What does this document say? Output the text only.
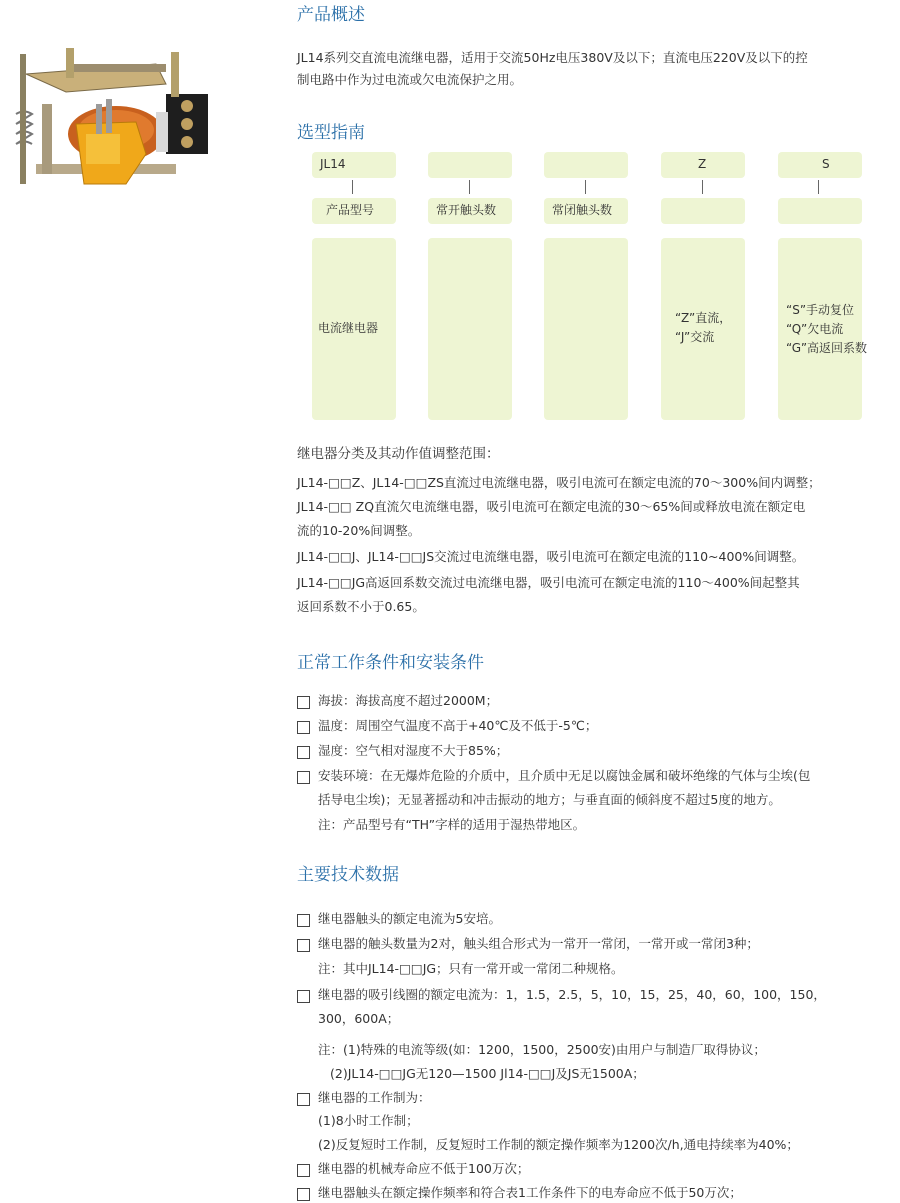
产品概述
JL14系列交直流电流继电器，适用于交流50Hz电压380V及以下；直流电压220V及以下的控
制电路中作为过电流或欠电流保护之用。
选型指南
JL14
产品型号
电流继电器
常开触头数	常闭触头数
Z
“Z”直流，
“J”交流
S
“S”手动复位
“Q”欠电流
“G”高返回系数
继电器分类及其动作值调整范围：
JL14-□□Z、JL14-□□ZS直流过电流继电器，吸引电流可在额定电流的70～300%间内调整；
JL14-□□ ZQ直流欠电流继电器，吸引电流可在额定电流的30～65%间或释放电流在额定电
流的10-20%间调整。
JL14-□□J、JL14-□□JS交流过电流继电器，吸引电流可在额定电流的110~400%间调整。
JL14-□□JG高返回系数交流过电流继电器，吸引电流可在额定电流的110～400%间起整其
返回系数不小于0.65。
正常工作条件和安装条件
海拔：海拔高度不超过2000M；
温度：周围空气温度不高于+40℃及不低于-5℃；
湿度：空气相对湿度不大于85%；
安装环境：在无爆炸危险的介质中，且介质中无足以腐蚀金属和破坏绝缘的气体与尘埃(包
括导电尘埃)；无显著摇动和冲击振动的地方；与垂直面的倾斜度不超过5度的地方。
注：产品型号有“TH”字样的适用于湿热带地区。
主要技术数据
继电器触头的额定电流为5安培。
继电器的触头数量为2对，触头组合形式为一常开一常闭，一常开或一常闭3种；
注：其中JL14-□□JG；只有一常开或一常闭二种规格。
继电器的吸引线圈的额定电流为：1，1.5，2.5，5，10，15，25，40，60，100，150，
300，600A；
注：(1)特殊的电流等级(如：1200，1500，2500安)由用户与制造厂取得协议；
(2)JL14-□□JG无120—1500 Jl14-□□J及JS无1500A；
继电器的工作制为：
(1)8小时工作制；
(2)反复短时工作制，反复短时工作制的额定操作频率为1200次/h,通电持续率为40%；
继电器的机械寿命应不低于100万次；
继电器触头在额定操作频率和符合表1工作条件下的电寿命应不低于50万次；
